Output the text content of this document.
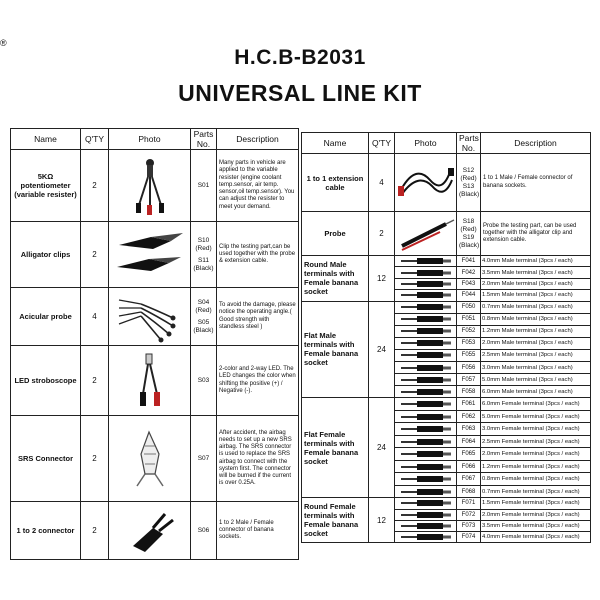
®
H.C.B-B2031
UNIVERSAL LINE KIT
Name	Q'TY	Photo	Parts No.	Description
5KΩ potentiometer (variable resister)	2		S01	Many parts in vehicle are applied to the variable resister (engine coolant temp.sensor, air temp. sensor,oil temp.sensor). You can adjust the resister to meet your demand.
Alligator clips	2		S10
(Red)
S11
(Black)	Clip the testing part,can be used together with the probe & extension cable.
Acicular probe	4		S04
(Red)
S05
(Black)	To avoid the damage, please notice the operating angle.( Good strength with standless steel )
LED stroboscope	2		S03	2-color and 2-way LED. The LED changes the color when shifting the positive (+) / Negative (-).
SRS Connector	2		S07	After accident, the airbag needs to set up a new SRS airbag. The SRS connector is used to replace the SRS airbag to connect with the system first. The connector will be burned if the current is over 0.25A.
1 to 2 connector	2		S06	1 to 2 Male / Female connector of banana sockets.
Name	Q'TY	Photo	Parts No.	Description
1 to 1 extension cable	4		S12
(Red)
S13
(Black)	1 to 1 Male / Female connector of banana sockets.
Probe	2		S18
(Red)
S19
(Black)	Probe the testing part, can be used together with the alligator clip and extension cable.
Round Male terminals with Female banana socket	12		F041	4.0mm Male terminal (3pcs / each)

	F042	3.5mm Male terminal (3pcs / each)

	F043	2.0mm Male terminal (3pcs / each)

	F044	1.5mm Male terminal (3pcs / each)
Flat Male terminals with Female banana socket	24		F050	0.7mm Male terminal (3pcs / each)

	F051	0.8mm Male terminal (3pcs / each)

	F052	1.2mm Male terminal (3pcs / each)

	F053	2.0mm Male terminal (3pcs / each)

	F055	2.5mm Male terminal (3pcs / each)

	F056	3.0mm Male terminal (3pcs / each)

	F057	5.0mm Male terminal (3pcs / each)

	F058	6.0mm Male terminal (3pcs / each)
Flat Female terminals with Female banana socket	24		F061	6.0mm Female terminal (3pcs / each)

	F062	5.0mm Female terminal (3pcs / each)

	F063	3.0mm Female terminal (3pcs / each)

	F064	2.5mm Female terminal (3pcs / each)

	F065	2.0mm Female terminal (3pcs / each)

	F066	1.2mm Female terminal (3pcs / each)

	F067	0.8mm Female terminal (3pcs / each)

	F068	0.7mm Female terminal (3pcs / each)
Round Female terminals with Female banana socket	12		F071	1.5mm Female terminal (3pcs / each)

	F072	2.0mm Female terminal (3pcs / each)

	F073	3.5mm Female terminal (3pcs / each)

	F074	4.0mm Female terminal (3pcs / each)
